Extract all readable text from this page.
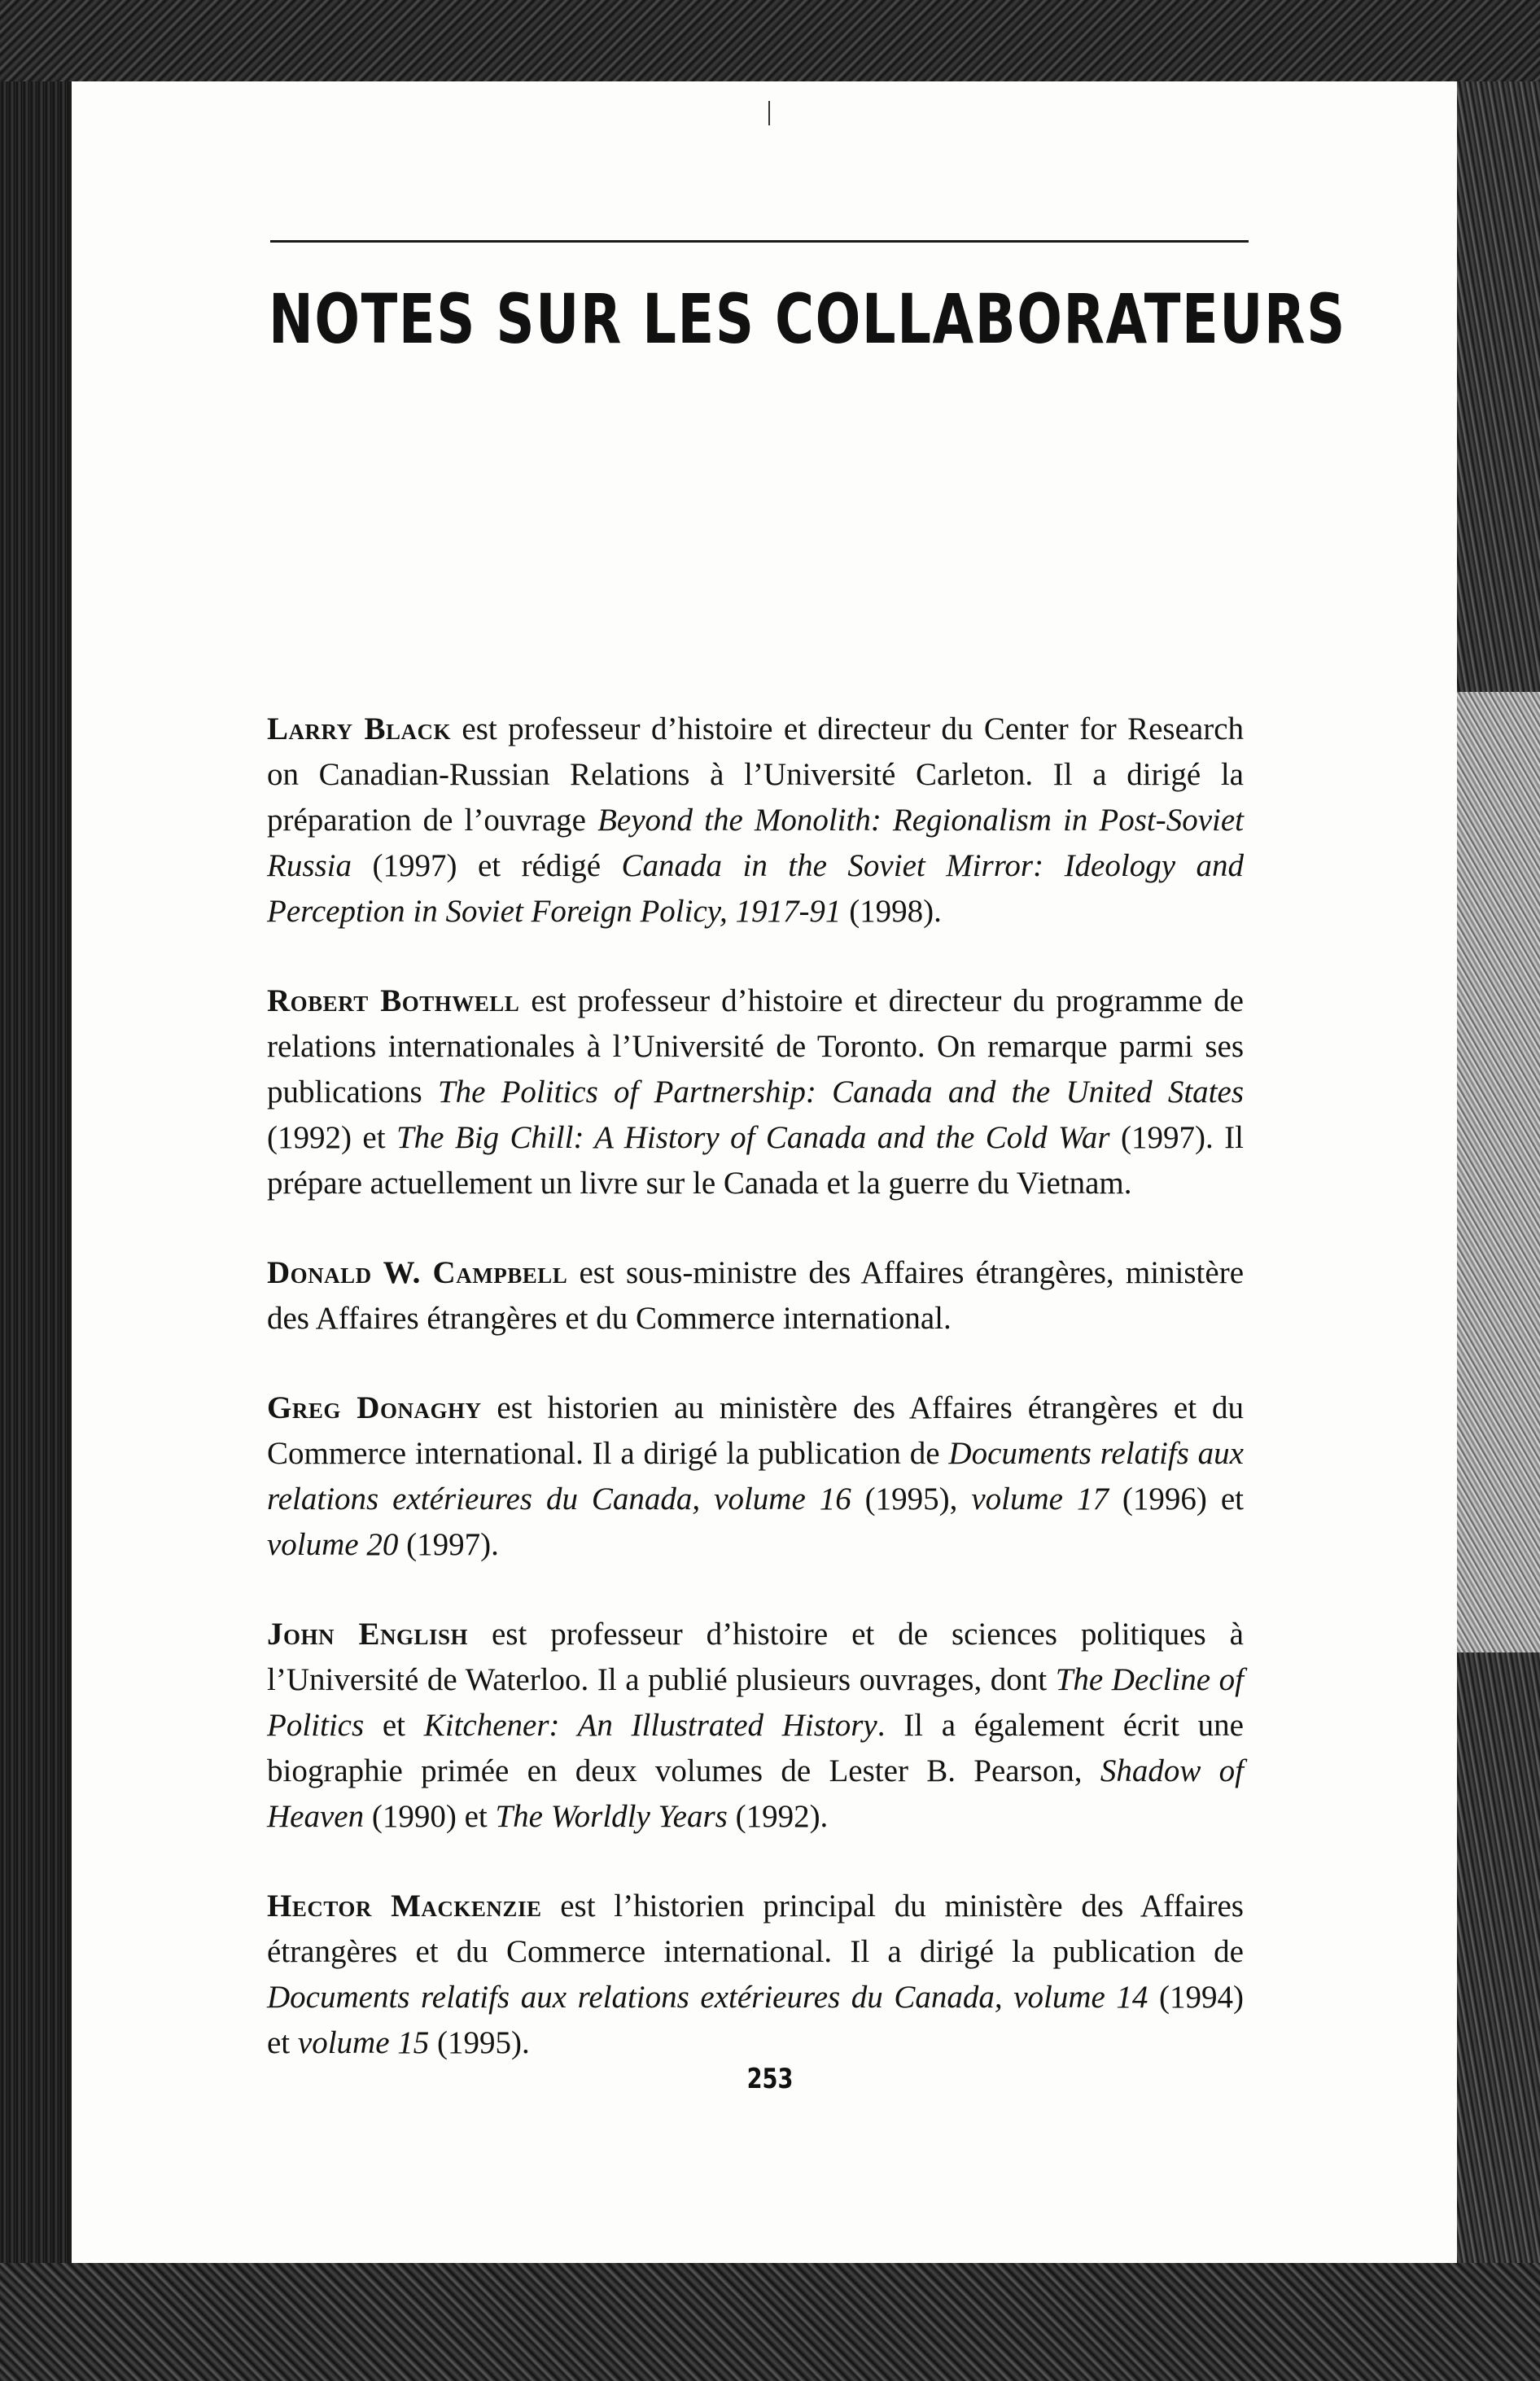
NOTES SUR LES COLLABORATEURS

Larry Black est professeur d’histoire et directeur du Center for Research on Canadian-Russian Relations à l’Université Carleton. Il a dirigé la préparation de l’ouvrage Beyond the Monolith: Regionalism in Post-Soviet Russia (1997) et rédigé Canada in the Soviet Mirror: Ideology and Perception in Soviet Foreign Policy, 1917-91 (1998).

Robert Bothwell est professeur d’histoire et directeur du programme de relations internationales à l’Université de Toronto. On remarque parmi ses publications The Politics of Partnership: Canada and the United States (1992) et The Big Chill: A History of Canada and the Cold War (1997). Il prépare actuellement un livre sur le Canada et la guerre du Vietnam.

Donald W. Campbell est sous-ministre des Affaires étrangères, ministère des Affaires étrangères et du Commerce international.

Greg Donaghy est historien au ministère des Affaires étrangères et du Commerce international. Il a dirigé la publication de Documents relatifs aux relations extérieures du Canada, volume 16 (1995), volume 17 (1996) et volume 20 (1997).

John English est professeur d’histoire et de sciences politiques à l’Université de Waterloo. Il a publié plusieurs ouvrages, dont The Decline of Politics et Kitchener: An Illustrated History. Il a également écrit une biographie primée en deux volumes de Lester B. Pearson, Shadow of Heaven (1990) et The Worldly Years (1992).

Hector Mackenzie est l’historien principal du ministère des Affaires étrangères et du Commerce international. Il a dirigé la publication de Documents relatifs aux relations extérieures du Canada, volume 14 (1994) et volume 15 (1995).

253
